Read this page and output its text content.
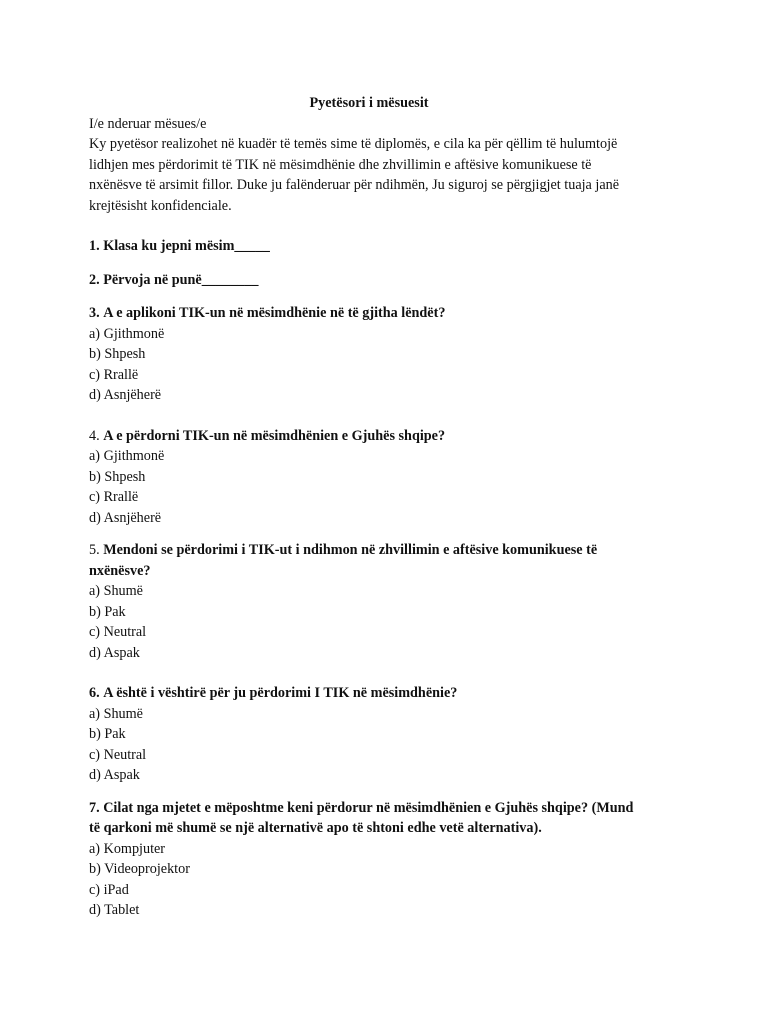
Pyetësori i mësuesit
I/e nderuar mësues/e

Ky pyetësor realizohet në kuadër të temës sime të diplomës, e cila ka për qëllim të hulumtojë

lidhjen mes përdorimit të TIK në mësimdhënie dhe zhvillimin e aftësive komunikuese të

nxënësve të arsimit fillor. Duke ju falënderuar për ndihmën, Ju siguroj se përgjigjet tuaja janë

krejtësisht konfidenciale.

1. Klasa ku jepni mësim_____
2. Përvoja në punë________
3. A e aplikoni TIK-un në mësimdhënie në të gjitha lëndët?
a) Gjithmonë
b) Shpesh
c) Rrallë
d) Asnjëherë
4. A e përdorni TIK-un në mësimdhënien e Gjuhës shqipe?
a) Gjithmonë
b) Shpesh
c) Rrallë
d) Asnjëherë
5. Mendoni se përdorimi i TIK-ut i ndihmon në zhvillimin e aftësive komunikuese të
nxënësve?
a) Shumë
b) Pak
c) Neutral
d) Aspak
6. A është i vështirë për ju përdorimi I TIK në mësimdhënie?
a) Shumë
b) Pak
c) Neutral
d) Aspak
7. Cilat nga mjetet e mëposhtme keni përdorur në mësimdhënien e Gjuhës shqipe? (Mund
të qarkoni më shumë se një alternativë apo të shtoni edhe vetë alternativa).
a) Kompjuter
b) Videoprojektor
c) iPad
d) Tablet
